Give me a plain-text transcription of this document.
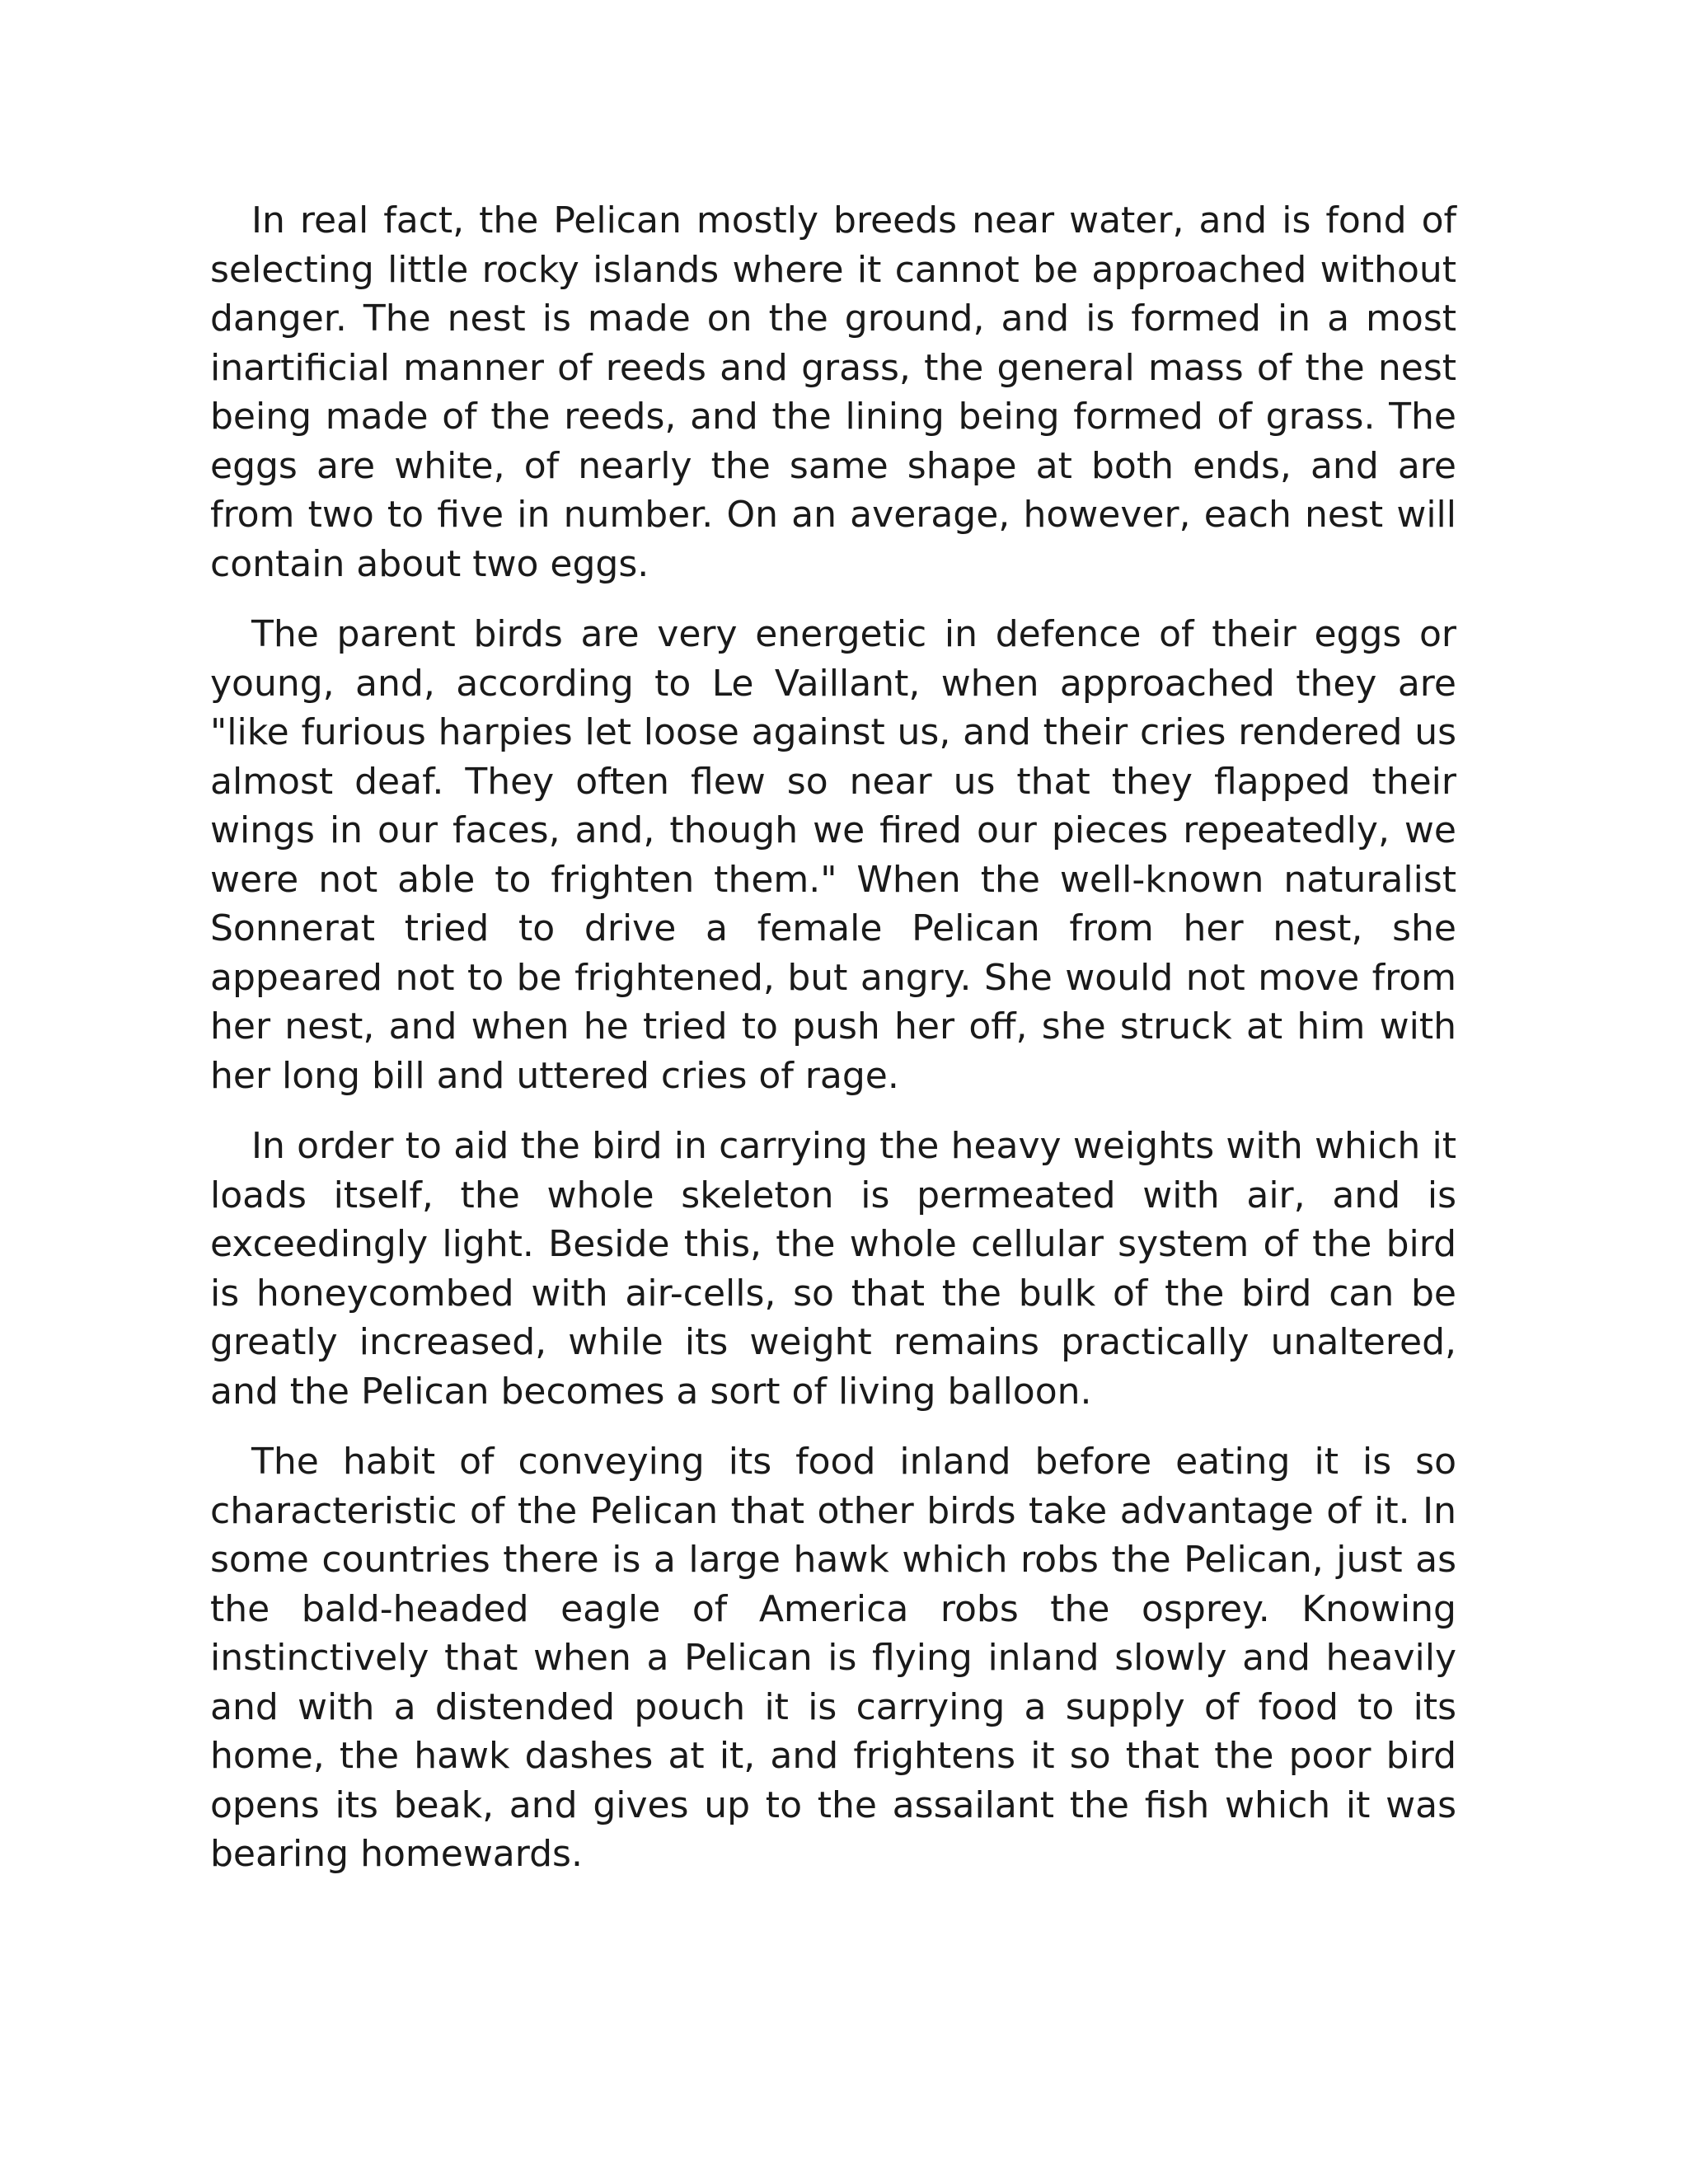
In real fact, the Pelican mostly breeds near water, and is fond of selecting little rocky islands where it cannot be approached without danger. The nest is made on the ground, and is formed in a most inartificial manner of reeds and grass, the general mass of the nest being made of the reeds, and the lining being formed of grass. The eggs are white, of nearly the same shape at both ends, and are from two to five in number. On an average, however, each nest will contain about two eggs.

The parent birds are very energetic in defence of their eggs or young, and, according to Le Vaillant, when approached they are "like furious harpies let loose against us, and their cries rendered us almost deaf. They often flew so near us that they flapped their wings in our faces, and, though we fired our pieces repeatedly, we were not able to frighten them." When the well-known naturalist Sonnerat tried to drive a female Pelican from her nest, she appeared not to be frightened, but angry. She would not move from her nest, and when he tried to push her off, she struck at him with her long bill and uttered cries of rage.

In order to aid the bird in carrying the heavy weights with which it loads itself, the whole skeleton is permeated with air, and is exceedingly light. Beside this, the whole cellular system of the bird is honeycombed with air-cells, so that the bulk of the bird can be greatly increased, while its weight remains practically unaltered, and the Pelican becomes a sort of living balloon.

The habit of conveying its food inland before eating it is so characteristic of the Pelican that other birds take advantage of it. In some countries there is a large hawk which robs the Pelican, just as the bald-headed eagle of America robs the osprey. Knowing instinctively that when a Pelican is flying inland slowly and heavily and with a distended pouch it is carrying a supply of food to its home, the hawk dashes at it, and frightens it so that the poor bird opens its beak, and gives up to the assailant the fish which it was bearing homewards.
